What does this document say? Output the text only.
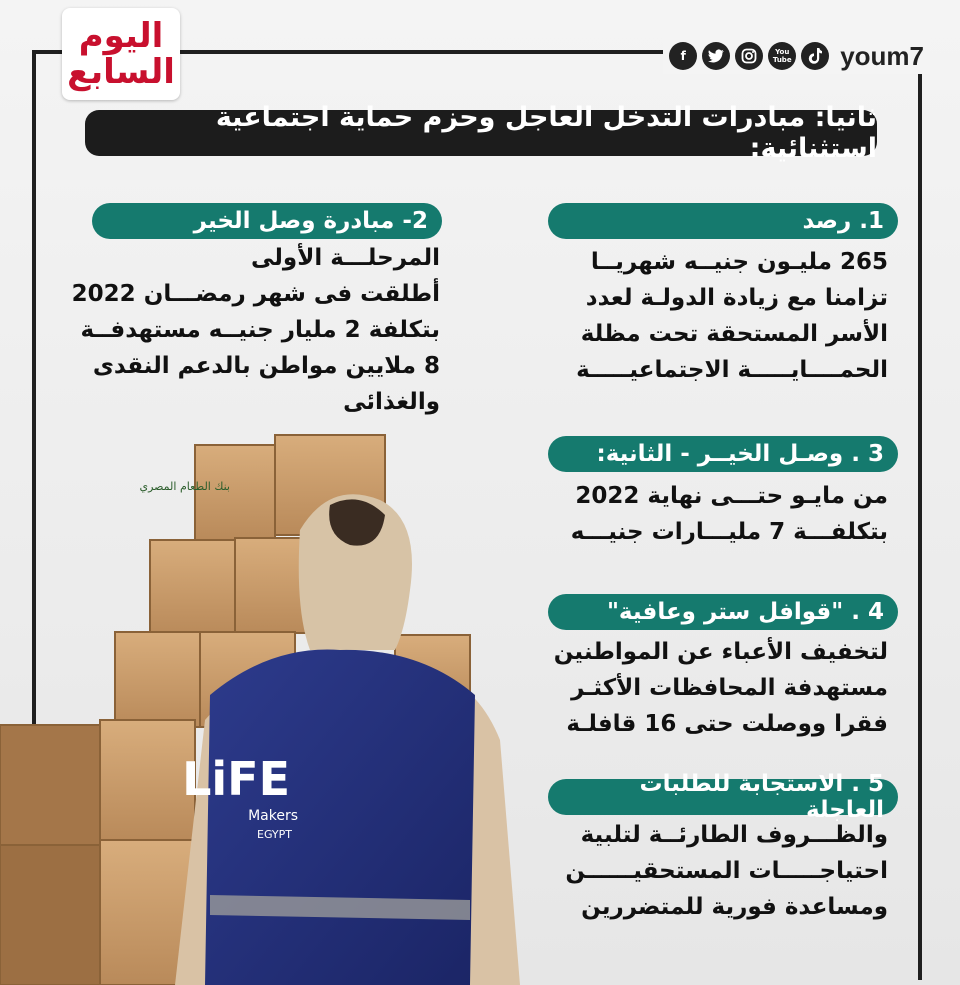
اليوم
السابع	f	You Tube youm7
ثانيا: مبادرات التدخل العاجل وحزم حماية اجتماعية استثنائية:
بنك الطعام المصري
LiFE
Makers
EGYPT
1. رصد
265 مليـون جنيــه شهريــا
تزامنا مع زيادة الدولـة لعدد
الأسر المستحقة تحت مظلة
الحمــــايـــــة الاجتماعيـــــة
3 . وصـل الخيــر - الثانية:
من مايـو حتـــى نهاية 2022
بتكلفـــة 7 مليـــارات جنيـــه
4 . "قوافل ستر وعافية"
لتخفيف الأعباء عن المواطنين
مستهدفة المحافظات الأكثـر
فقرا ووصلت حتى 16 قافلـة
5 . الاستجابة للطلبات العاجلة
والظـــروف الطارئــة لتلبية
احتياجـــــات المستحقيــــــن
ومساعدة فورية للمتضررين
2- مبادرة وصل الخير
المرحلـــة الأولى
أطلقت فى شهر رمضـــان 2022
بتكلفة 2 مليار جنيــه مستهدفــة
8 ملايين مواطن بالدعم النقدى
والغذائى
